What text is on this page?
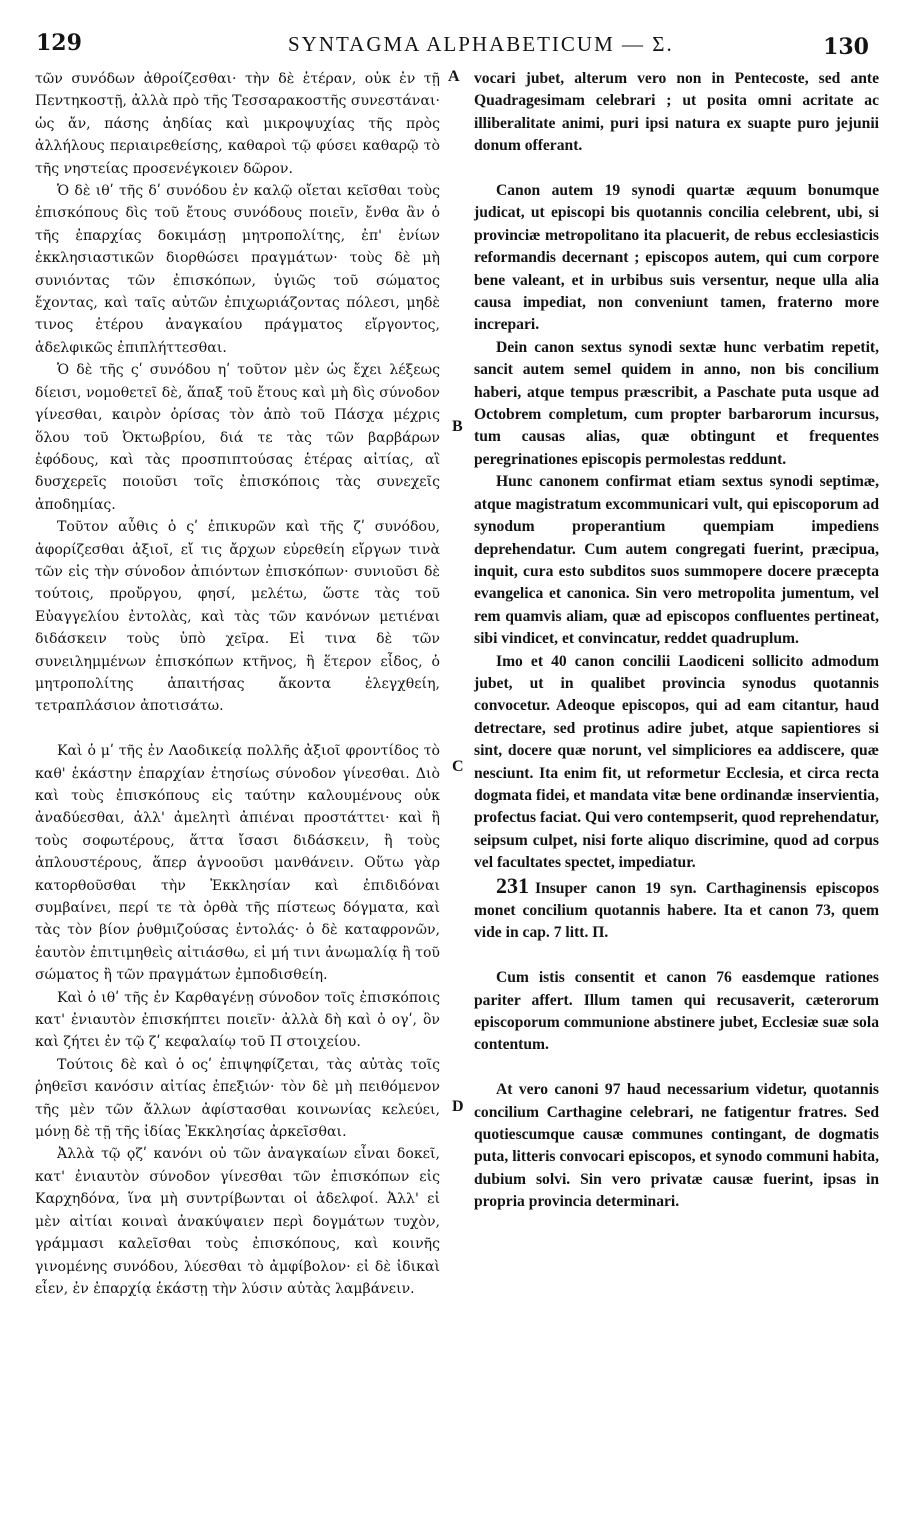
129	SYNTAGMA ALPHABETICUM — Σ.	130
A
B
C
D

τῶν συνόδων ἀθροίζεσθαι· τὴν δὲ ἑτέραν, οὐκ ἐν τῇ Πεντηκοστῇ, ἀλλὰ πρὸ τῆς Τεσσαρακοστῆς συνεστάναι· ὡς ἄν, πάσης ἀηδίας καὶ μικροψυχίας τῆς πρὸς ἀλλήλους περιαιρεθείσης, καθαροὶ τῷ φύσει καθαρῷ τὸ τῆς νηστείας προσενέγκοιεν δῶρον.

Ὁ δὲ ιθʹ τῆς δʹ συνόδου ἐν καλῷ οἴεται κεῖσθαι τοὺς ἐπισκόπους δὶς τοῦ ἔτους συνόδους ποιεῖν, ἔνθα ἂν ὁ τῆς ἐπαρχίας δοκιμάσῃ μητροπολίτης, ἐπ' ἐνίων ἐκκλησιαστικῶν διορθώσει πραγμάτων· τοὺς δὲ μὴ συνιόντας τῶν ἐπισκόπων, ὑγιῶς τοῦ σώματος ἔχοντας, καὶ ταῖς αὐτῶν ἐπιχωριάζοντας πόλεσι, μηδὲ τινος ἑτέρου ἀναγκαίου πράγματος εἴργοντος, ἀδελφικῶς ἐπιπλήττεσθαι.

Ὁ δὲ τῆς ςʹ συνόδου ηʹ τοῦτον μὲν ὡς ἔχει λέξεως δίεισι, νομοθετεῖ δὲ, ἅπαξ τοῦ ἔτους καὶ μὴ δὶς σύνοδον γίνεσθαι, καιρὸν ὁρίσας τὸν ἀπὸ τοῦ Πάσχα μέχρις ὅλου τοῦ Ὀκτωβρίου, διά τε τὰς τῶν βαρβάρων ἐφόδους, καὶ τὰς προσπιπτούσας ἑτέρας αἰτίας, αἳ δυσχερεῖς ποιοῦσι τοῖς ἐπισκόποις τὰς συνεχεῖς ἀποδημίας.

Τοῦτον αὖθις ὁ ςʹ ἐπικυρῶν καὶ τῆς ζʹ συνόδου, ἀφορίζεσθαι ἀξιοῖ, εἴ τις ἄρχων εὑρεθείη εἴργων τινὰ τῶν εἰς τὴν σύνοδον ἀπιόντων ἐπισκόπων· συνιοῦσι δὲ τούτοις, προὔργου, φησί, μελέτω, ὥστε τὰς τοῦ Εὐαγγελίου ἐντολὰς, καὶ τὰς τῶν κανόνων μετιέναι διδάσκειν τοὺς ὑπὸ χεῖρα. Εἰ τινα δὲ τῶν συνειλημμένων ἐπισκόπων κτῆνος, ἢ ἕτερον εἶδος, ὁ μητροπολίτης ἀπαιτήσας ἄκοντα ἐλεγχθείη, τετραπλάσιον ἀποτισάτω.

Καὶ ὁ μʹ τῆς ἐν Λαοδικείᾳ πολλῆς ἀξιοῖ φροντίδος τὸ καθ' ἑκάστην ἐπαρχίαν ἐτησίως σύνοδον γίνεσθαι. Διὸ καὶ τοὺς ἐπισκόπους εἰς ταύτην καλουμένους οὐκ ἀναδύεσθαι, ἀλλ' ἀμελητὶ ἀπιέναι προστάττει· καὶ ἢ τοὺς σοφωτέρους, ἅττα ἴσασι διδάσκειν, ἢ τοὺς ἁπλουστέρους, ἅπερ ἀγνοοῦσι μανθάνειν. Οὕτω γὰρ κατορθοῦσθαι τὴν Ἐκκλησίαν καὶ ἐπιδιδόναι συμβαίνει, περί τε τὰ ὀρθὰ τῆς πίστεως δόγματα, καὶ τὰς τὸν βίον ῥυθμιζούσας ἐντολάς· ὁ δὲ καταφρονῶν, ἑαυτὸν ἐπιτιμηθεὶς αἰτιάσθω, εἰ μή τινι ἀνωμαλίᾳ ἢ τοῦ σώματος ἢ τῶν πραγμάτων ἐμποδισθείη.

Καὶ ὁ ιθʹ τῆς ἐν Καρθαγένῃ σύνοδον τοῖς ἐπισκόποις κατ' ἐνιαυτὸν ἐπισκήπτει ποιεῖν· ἀλλὰ δὴ καὶ ὁ ογʹ, ὃν καὶ ζήτει ἐν τῷ ζʹ κεφαλαίῳ τοῦ Π στοιχείου.

Τούτοις δὲ καὶ ὁ οςʹ ἐπιψηφίζεται, τὰς αὐτὰς τοῖς ῥηθεῖσι κανόσιν αἰτίας ἐπεξιών· τὸν δὲ μὴ πειθόμενον τῆς μὲν τῶν ἄλλων ἀφίστασθαι κοινωνίας κελεύει, μόνῃ δὲ τῇ τῆς ἰδίας Ἐκκλησίας ἀρκεῖσθαι.

Ἀλλὰ τῷ ϙζʹ κανόνι οὐ τῶν ἀναγκαίων εἶναι δοκεῖ, κατ' ἐνιαυτὸν σύνοδον γίνεσθαι τῶν ἐπισκόπων εἰς Καρχηδόνα, ἵνα μὴ συντρίβωνται οἱ ἀδελφοί. Ἀλλ' εἰ μὲν αἰτίαι κοιναὶ ἀνακύψαιεν περὶ δογμάτων τυχὸν, γράμμασι καλεῖσθαι τοὺς ἐπισκόπους, καὶ κοινῆς γινομένης συνόδου, λύεσθαι τὸ ἀμφίβολον· εἰ δὲ ἰδικαὶ εἶεν, ἐν ἐπαρχίᾳ ἑκάστῃ τὴν λύσιν αὐτὰς λαμβάνειν.

vocari jubet, alterum vero non in Pentecoste, sed ante Quadragesimam celebrari ; ut posita omni acritate ac illiberalitate animi, puri ipsi natura ex suapte puro jejunii donum offerant.

Canon autem 19 synodi quartæ æquum bonumque judicat, ut episcopi bis quotannis concilia celebrent, ubi, si provinciæ metropolitano ita placuerit, de rebus ecclesiasticis reformandis decernant ; episcopos autem, qui cum corpore bene valeant, et in urbibus suis versentur, neque ulla alia causa impediat, non conveniunt tamen, fraterno more increpari.

Dein canon sextus synodi sextæ hunc verbatim repetit, sancit autem semel quidem in anno, non bis concilium haberi, atque tempus præscribit, a Paschate puta usque ad Octobrem completum, cum propter barbarorum incursus, tum causas alias, quæ obtingunt et frequentes peregrinationes episcopis permolestas reddunt.

Hunc canonem confirmat etiam sextus synodi septimæ, atque magistratum excommunicari vult, qui episcoporum ad synodum properantium quempiam impediens deprehendatur. Cum autem congregati fuerint, præcipua, inquit, cura esto subditos suos summopere docere præcepta evangelica et canonica. Sin vero metropolita jumentum, vel rem quamvis aliam, quæ ad episcopos confluentes pertineat, sibi vindicet, et convincatur, reddet quadruplum.

Imo et 40 canon concilii Laodiceni sollicito admodum jubet, ut in qualibet provincia synodus quotannis convocetur. Adeoque episcopos, qui ad eam citantur, haud detrectare, sed protinus adire jubet, atque sapientiores si sint, docere quæ norunt, vel simpliciores ea addiscere, quæ nesciunt. Ita enim fit, ut reformetur Ecclesia, et circa recta dogmata fidei, et mandata vitæ bene ordinandæ inservientia, profectus faciat. Qui vero contempserit, quod reprehendatur, seipsum culpet, nisi forte aliquo discrimine, quod ad corpus vel facultates spectet, impediatur.

231 Insuper canon 19 syn. Carthaginensis episcopos monet concilium quotannis habere. Ita et canon 73, quem vide in cap. 7 litt. Π.

Cum istis consentit et canon 76 easdemque rationes pariter affert. Illum tamen qui recusaverit, cæterorum episcoporum communione abstinere jubet, Ecclesiæ suæ sola contentum.

At vero canoni 97 haud necessarium videtur, quotannis concilium Carthagine celebrari, ne fatigentur fratres. Sed quotiescumque causæ communes contingant, de dogmatis puta, litteris convocari episcopos, et synodo communi habita, dubium solvi. Sin vero privatæ causæ fuerint, ipsas in propria provincia determinari.
